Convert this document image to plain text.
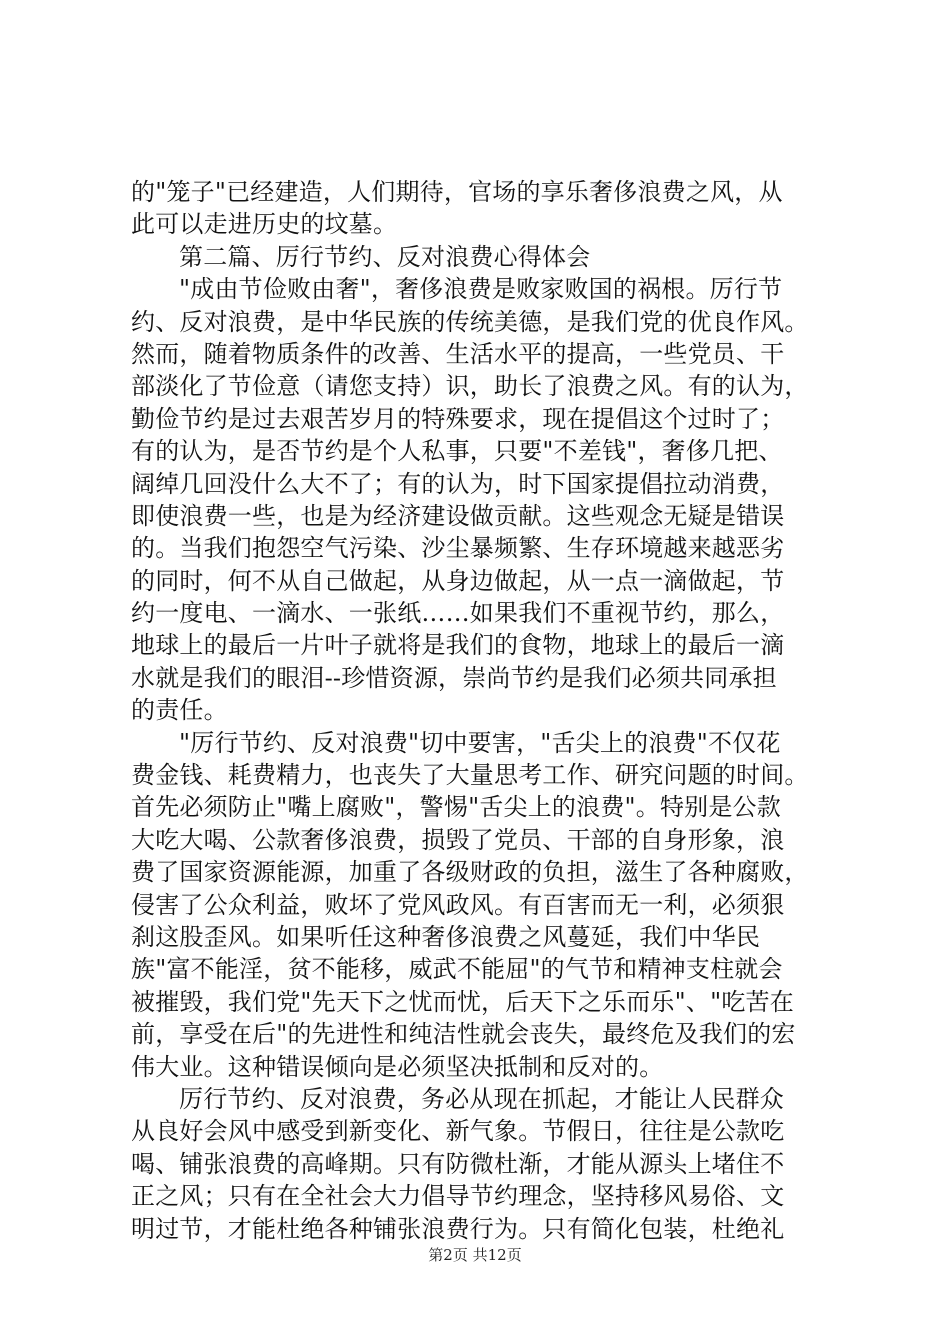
的"笼子"已经建造，人们期待，官场的享乐奢侈浪费之风，从
此可以走进历史的坟墓。
第二篇、厉行节约、反对浪费心得体会
"成由节俭败由奢"，奢侈浪费是败家败国的祸根。厉行节
约、反对浪费，是中华民族的传统美德，是我们党的优良作风。
然而，随着物质条件的改善、生活水平的提高，一些党员、干
部淡化了节俭意（请您支持）识，助长了浪费之风。有的认为，
勤俭节约是过去艰苦岁月的特殊要求，现在提倡这个过时了；
有的认为，是否节约是个人私事，只要"不差钱"，奢侈几把、
阔绰几回没什么大不了；有的认为，时下国家提倡拉动消费，
即使浪费一些，也是为经济建设做贡献。这些观念无疑是错误
的。当我们抱怨空气污染、沙尘暴频繁、生存环境越来越恶劣
的同时，何不从自己做起，从身边做起，从一点一滴做起，节
约一度电、一滴水、一张纸……如果我们不重视节约，那么，
地球上的最后一片叶子就将是我们的食物，地球上的最后一滴
水就是我们的眼泪--珍惜资源，崇尚节约是我们必须共同承担
的责任。
"厉行节约、反对浪费"切中要害，"舌尖上的浪费"不仅花
费金钱、耗费精力，也丧失了大量思考工作、研究问题的时间。
首先必须防止"嘴上腐败"，警惕"舌尖上的浪费"。特别是公款
大吃大喝、公款奢侈浪费，损毁了党员、干部的自身形象，浪
费了国家资源能源，加重了各级财政的负担，滋生了各种腐败，
侵害了公众利益，败坏了党风政风。有百害而无一利，必须狠
刹这股歪风。如果听任这种奢侈浪费之风蔓延，我们中华民
族"富不能淫，贫不能移，威武不能屈"的气节和精神支柱就会
被摧毁，我们党"先天下之忧而忧，后天下之乐而乐"、"吃苦在
前，享受在后"的先进性和纯洁性就会丧失，最终危及我们的宏
伟大业。这种错误倾向是必须坚决抵制和反对的。
厉行节约、反对浪费，务必从现在抓起，才能让人民群众
从良好会风中感受到新变化、新气象。节假日，往往是公款吃
喝、铺张浪费的高峰期。只有防微杜渐，才能从源头上堵住不
正之风；只有在全社会大力倡导节约理念，坚持移风易俗、文
明过节，才能杜绝各种铺张浪费行为。只有简化包装，杜绝礼
第2页 共12页
